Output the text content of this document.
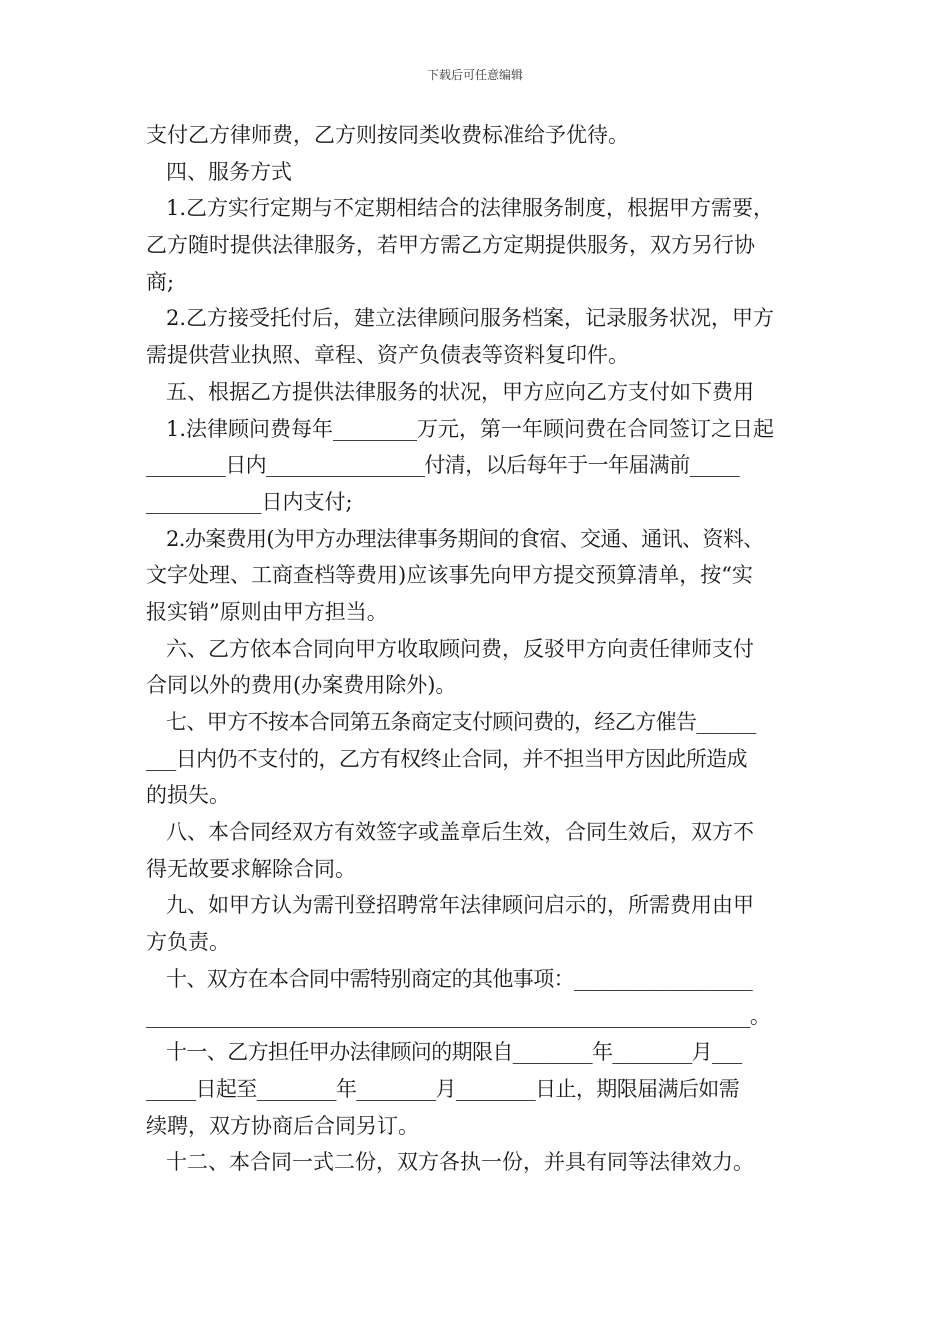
下载后可任意编辑
支付乙方律师费，乙方则按同类收费标准给予优待。
四、服务方式
1.乙方实行定期与不定期相结合的法律服务制度，根据甲方需要，
乙方随时提供法律服务，若甲方需乙方定期提供服务，双方另行协
商;
2.乙方接受托付后，建立法律顾问服务档案，记录服务状况，甲方
需提供营业执照、章程、资产负债表等资料复印件。
五、根据乙方提供法律服务的状况，甲方应向乙方支付如下费用
1.法律顾问费每年________万元，第一年顾问费在合同签订之日起
________日内________________付清，以后每年于一年届满前_____
___________日内支付;
2.办案费用(为甲方办理法律事务期间的食宿、交通、通讯、资料、
文字处理、工商查档等费用)应该事先向甲方提交预算清单，按“实
报实销”原则由甲方担当。
六、乙方依本合同向甲方收取顾问费，反驳甲方向责任律师支付
合同以外的费用(办案费用除外)。
七、甲方不按本合同第五条商定支付顾问费的，经乙方催告______
___日内仍不支付的，乙方有权终止合同，并不担当甲方因此所造成
的损失。
八、本合同经双方有效签字或盖章后生效，合同生效后，双方不
得无故要求解除合同。
九、如甲方认为需刊登招聘常年法律顾问启示的，所需费用由甲
方负责。
十、双方在本合同中需特别商定的其他事项：__________________
_____________________________________________________________。
十一、乙方担任甲办法律顾问的期限自________年________月___
_____日起至________年________月________日止，期限届满后如需
续聘，双方协商后合同另订。
十二、本合同一式二份，双方各执一份，并具有同等法律效力。
